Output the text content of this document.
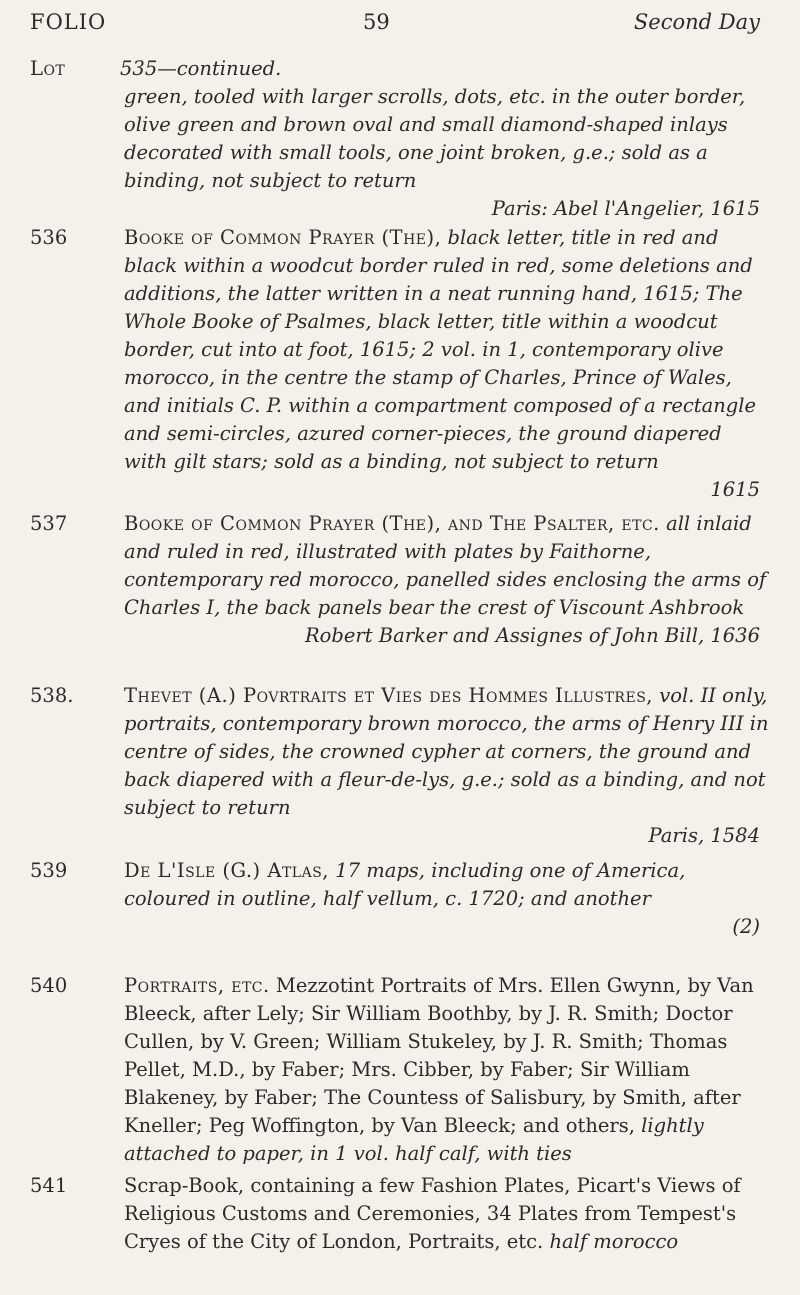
FOLIO	59	Second Day

Lot	535—continued.

green, tooled with larger scrolls, dots, etc. in the outer border, olive green and brown oval and small diamond-shaped inlays decorated with small tools, one joint broken, g.e.; sold as a binding, not subject to return

Paris: Abel l'Angelier, 1615

536	Booke of Common Prayer (The), black letter, title in red and black within a woodcut border ruled in red, some deletions and additions, the latter written in a neat running hand, 1615; The Whole Booke of Psalmes, black letter, title within a woodcut border, cut into at foot, 1615; 2 vol. in 1, contemporary olive morocco, in the centre the stamp of Charles, Prince of Wales, and initials C. P. within a compartment composed of a rectangle and semi-circles, azured corner-pieces, the ground diapered with gilt stars; sold as a binding, not subject to return

1615

537	Booke of Common Prayer (The), and The Psalter, etc. all inlaid and ruled in red, illustrated with plates by Faithorne, contemporary red morocco, panelled sides enclosing the arms of Charles I, the back panels bear the crest of Viscount Ashbrook

Robert Barker and Assignes of John Bill, 1636

538.	Thevet (A.) Povrtraits et Vies des Hommes Illustres, vol. II only, portraits, contemporary brown morocco, the arms of Henry III in centre of sides, the crowned cypher at corners, the ground and back diapered with a fleur-de-lys, g.e.; sold as a binding, and not subject to return

Paris, 1584

539	De L'Isle (G.) Atlas, 17 maps, including one of America, coloured in outline, half vellum, c. 1720; and another

(2)

540	Portraits, etc. Mezzotint Portraits of Mrs. Ellen Gwynn, by Van Bleeck, after Lely; Sir William Boothby, by J. R. Smith; Doctor Cullen, by V. Green; William Stukeley, by J. R. Smith; Thomas Pellet, M.D., by Faber; Mrs. Cibber, by Faber; Sir William Blakeney, by Faber; The Countess of Salisbury, by Smith, after Kneller; Peg Woffington, by Van Bleeck; and others, lightly attached to paper, in 1 vol. half calf, with ties

541	Scrap-Book, containing a few Fashion Plates, Picart's Views of Religious Customs and Ceremonies, 34 Plates from Tempest's Cryes of the City of London, Portraits, etc. half morocco
